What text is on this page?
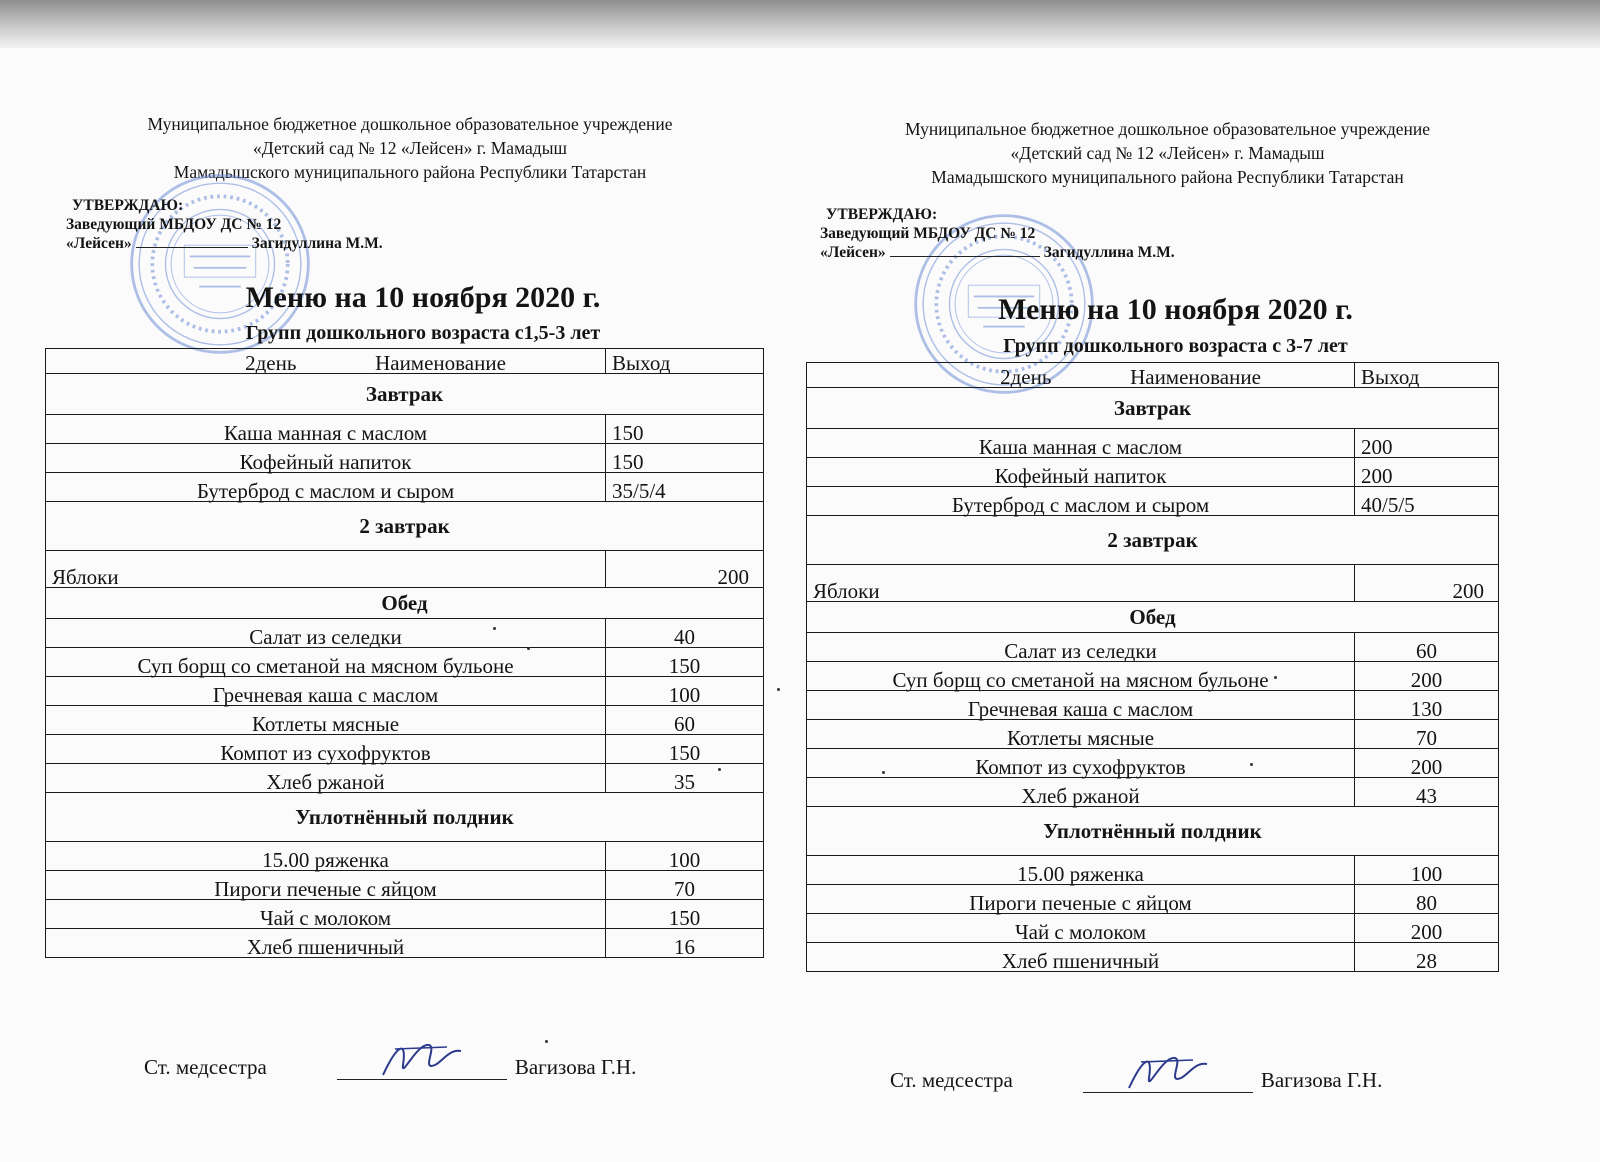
Муниципальное бюджетное дошкольное образовательное учреждение
«Детский сад № 12 «Лейсен» г. Мамадыш
Мамадышского муниципального района Республики Татарстан
УТВЕРЖДАЮ:
Заведующий МБДОУ ДС № 12
«Лейсен»	Загидуллина М.М.
Меню на 10 ноября 2020 г.
Групп дошкольного возраста с1,5-3 лет
2день Наименование	Выход
Завтрак	
Каша манная с маслом	150
Кофейный напиток	150
Бутерброд с маслом и сыром	35/5/4
2 завтрак	
Яблоки	200
Обед	
Салат из селедки	40
Суп борщ со сметаной на мясном бульоне	150
Гречневая каша с маслом	100
Котлеты мясные	60
Компот из сухофруктов	150
Хлеб ржаной	35
Уплотнённый полдник	
15.00 ряженка	100
Пироги печеные с яйцом	70
Чай с молоком	150
Хлеб пшеничный	16
Ст. медсестра	Вагизова Г.Н.
Муниципальное бюджетное дошкольное образовательное учреждение
«Детский сад № 12 «Лейсен» г. Мамадыш
Мамадышского муниципального района Республики Татарстан
УТВЕРЖДАЮ:
Заведующий МБДОУ ДС № 12
«Лейсен»	Загидуллина М.М.
Меню на 10 ноября 2020 г.
Групп дошкольного возраста с 3-7 лет
2день Наименование	Выход
Завтрак	
Каша манная с маслом	200
Кофейный напиток	200
Бутерброд с маслом и сыром	40/5/5
2 завтрак	
Яблоки	200
Обед	
Салат из селедки	60
Суп борщ со сметаной на мясном бульоне	200
Гречневая каша с маслом	130
Котлеты мясные	70
Компот из сухофруктов	200
Хлеб ржаной	43
Уплотнённый полдник	
15.00 ряженка	100
Пироги печеные с яйцом	80
Чай с молоком	200
Хлеб пшеничный	28
Ст. медсестра	Вагизова Г.Н.
